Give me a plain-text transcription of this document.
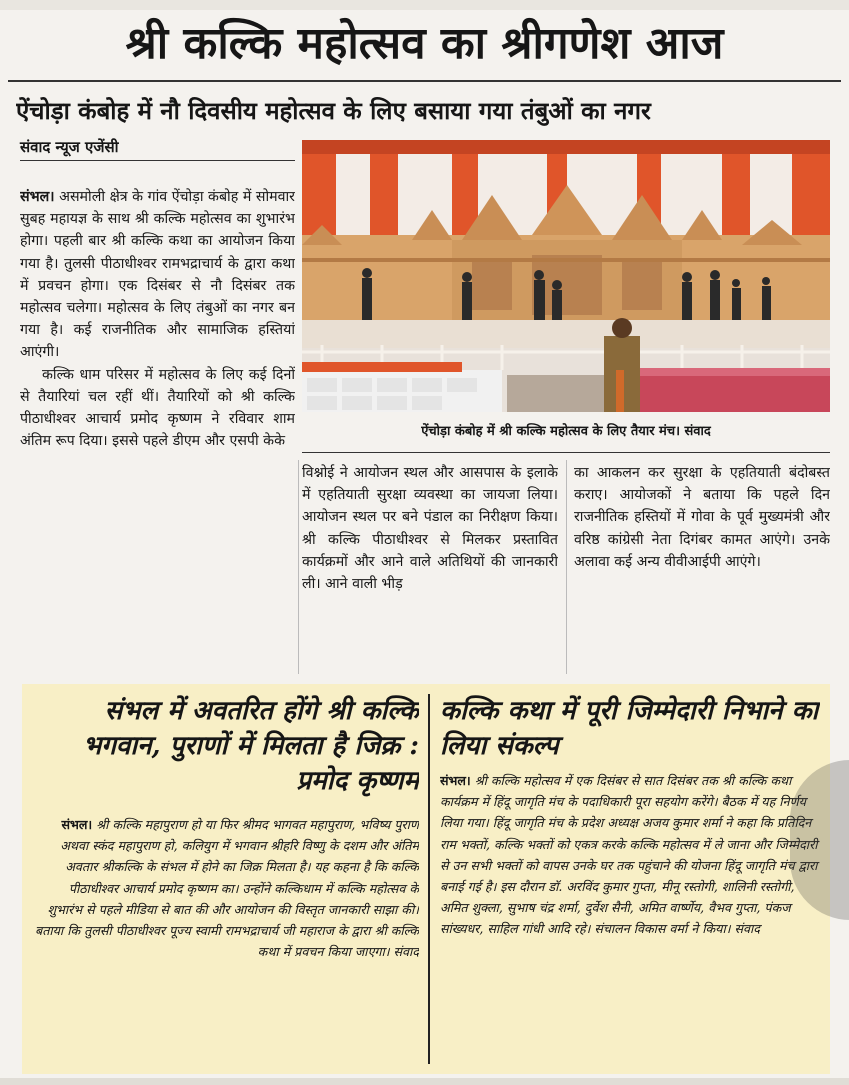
श्री कल्कि महोत्सव का श्रीगणेश आज
ऐंचोड़ा कंबोह में नौ दिवसीय महोत्सव के लिए बसाया गया तंबुओं का नगर
संवाद न्यूज एजेंसी
ऐंचोड़ा कंबोह में श्री कल्कि महोत्सव के लिए तैयार मंच। संवाद

संभल। असमोली क्षेत्र के गांव ऐंचोड़ा कंबोह में सोमवार सुबह महायज्ञ के साथ श्री कल्कि महोत्सव का शुभारंभ होगा। पहली बार श्री कल्कि कथा का आयोजन किया गया है। तुलसी पीठाधीश्वर रामभद्राचार्य के द्वारा कथा में प्रवचन होगा। एक दिसंबर से नौ दिसंबर तक महोत्सव चलेगा। महोत्सव के लिए तंबुओं का नगर बन गया है। कई राजनीतिक और सामाजिक हस्तियां आएंगी।

कल्कि धाम परिसर में महोत्सव के लिए कई दिनों से तैयारियां चल रहीं थीं। तैयारियों को श्री कल्कि पीठाधीश्वर आचार्य प्रमोद कृष्णम ने रविवार शाम अंतिम रूप दिया। इससे पहले डीएम और एसपी केके

विश्नोई ने आयोजन स्थल और आसपास के इलाके में एहतियाती सुरक्षा व्यवस्था का जायजा लिया। आयोजन स्थल पर बने पंडाल का निरीक्षण किया। श्री कल्कि पीठाधीश्वर से मिलकर प्रस्तावित कार्यक्रमों और आने वाले अतिथियों की जानकारी ली। आने वाली भीड़

का आकलन कर सुरक्षा के एहतियाती बंदोबस्त कराए। आयोजकों ने बताया कि पहले दिन राजनीतिक हस्तियों में गोवा के पूर्व मुख्यमंत्री और वरिष्ठ कांग्रेसी नेता दिगंबर कामत आएंगे। उनके अलावा कई अन्य वीवीआईपी आएंगे।

संभल में अवतरित होंगे श्री कल्कि भगवान, पुराणों में मिलता है जिक्र : प्रमोद कृष्णम
संभल। श्री कल्कि महापुराण हो या फिर श्रीमद भागवत महापुराण, भविष्य पुराण अथवा स्कंद महापुराण हो, कलियुग में भगवान श्रीहरि विष्णु के दशम और अंतिम अवतार श्रीकल्कि के संभल में होने का जिक्र मिलता है। यह कहना है कि कल्कि पीठाधीश्वर आचार्य प्रमोद कृष्णम का। उन्होंने कल्किधाम में कल्कि महोत्सव के शुभारंभ से पहले मीडिया से बात की और आयोजन की विस्तृत जानकारी साझा की। बताया कि तुलसी पीठाधीश्वर पूज्य स्वामी रामभद्राचार्य जी महाराज के द्वारा श्री कल्कि कथा में प्रवचन किया जाएगा। संवाद
कल्कि कथा में पूरी जिम्मेदारी निभाने का लिया संकल्प
संभल। श्री कल्कि महोत्सव में एक दिसंबर से सात दिसंबर तक श्री कल्कि कथा कार्यक्रम में हिंदू जागृति मंच के पदाधिकारी पूरा सहयोग करेंगे। बैठक में यह निर्णय लिया गया। हिंदू जागृति मंच के प्रदेश अध्यक्ष अजय कुमार शर्मा ने कहा कि प्रतिदिन राम भक्तों, कल्कि भक्तों को एकत्र करके कल्कि महोत्सव में ले जाना और जिम्मेदारी से उन सभी भक्तों को वापस उनके घर तक पहुंचाने की योजना हिंदू जागृति मंच द्वारा बनाई गई है। इस दौरान डॉ. अरविंद कुमार गुप्ता, मीनू रस्तोगी, शालिनी रस्तोगी, अमित शुक्ला, सुभाष चंद्र शर्मा, दुर्वेश सैनी, अमित वार्ष्णेय, वैभव गुप्ता, पंकज सांख्यधर, साहिल गांधी आदि रहे। संचालन विकास वर्मा ने किया। संवाद
